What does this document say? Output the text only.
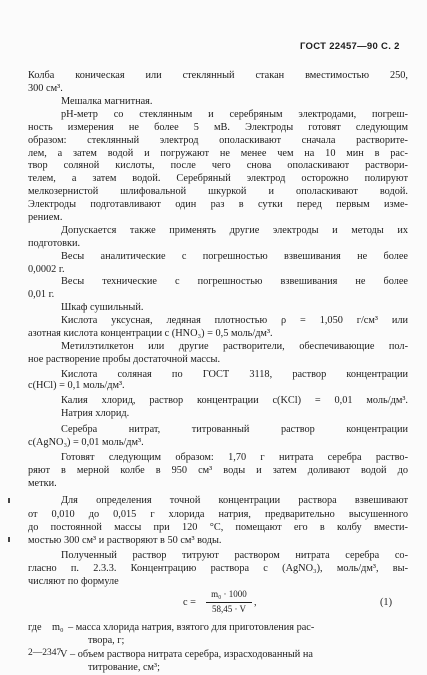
ГОСТ 22457—90 С. 2

Колба коническая или стеклянный стакан вместимостью 250,

300 см³.

Мешалка магнитная.

рН-метр со стеклянным и серебряным электродами, погреш-

ность измерения не более 5 мВ. Электроды готовят следующим

образом: стеклянный электрод ополаскивают сначала растворите-

лем, а затем водой и погружают не менее чем на 10 мин в рас-

твор соляной кислоты, после чего снова ополаскивают раствори-

телем, а затем водой. Серебряный электрод осторожно полируют

мелкозернистой шлифовальной шкуркой и ополаскивают водой.

Электроды подготавливают один раз в сутки перед первым изме-

рением.

Допускается также применять другие электроды и методы их

подготовки.

Весы аналитические с погрешностью взвешивания не более

0,0002 г.

Весы технические с погрешностью взвешивания не более

0,01 г.

Шкаф сушильный.

Кислота уксусная, ледяная плотностью ρ = 1,050 г/см³ или

азотная кислота концентрации c (HNO₃) = 0,5 моль/дм³.

Метилэтилкетон или другие растворители, обеспечивающие пол-

ное растворение пробы достаточной массы.

Кислота соляная по ГОСТ 3118, раствор концентрации

c(HCl) = 0,1 моль/дм³.

Калия хлорид, раствор концентрации c(KCl) = 0,01 моль/дм³.

Натрия хлорид.

Серебра нитрат, титрованный раствор концентрации

c(AgNO₃) = 0,01 моль/дм³.

Готовят следующим образом: 1,70 г нитрата серебра раство-

ряют в мерной колбе в 950 см³ воды и затем доливают водой до

метки.

Для определения точной концентрации раствора взвешивают

от 0,010 до 0,015 г хлорида натрия, предварительно высушенного

до постоянной массы при 120 °С, помещают его в колбу вмести-

мостью 300 см³ и растворяют в 50 см³ воды.

Полученный раствор титруют раствором нитрата серебра со-

гласно п. 2.3.3. Концентрацию раствора c (AgNO₃), моль/дм³, вы-

числяют по формуле

c =
m₀ · 1000
58,45 · V
,	(1)
где m₀ – масса хлорида натрия, взятого для приготовления рас-
твора, г;
V – объем раствора нитрата серебра, израсходованный на
титрование, см³;
2—2347
